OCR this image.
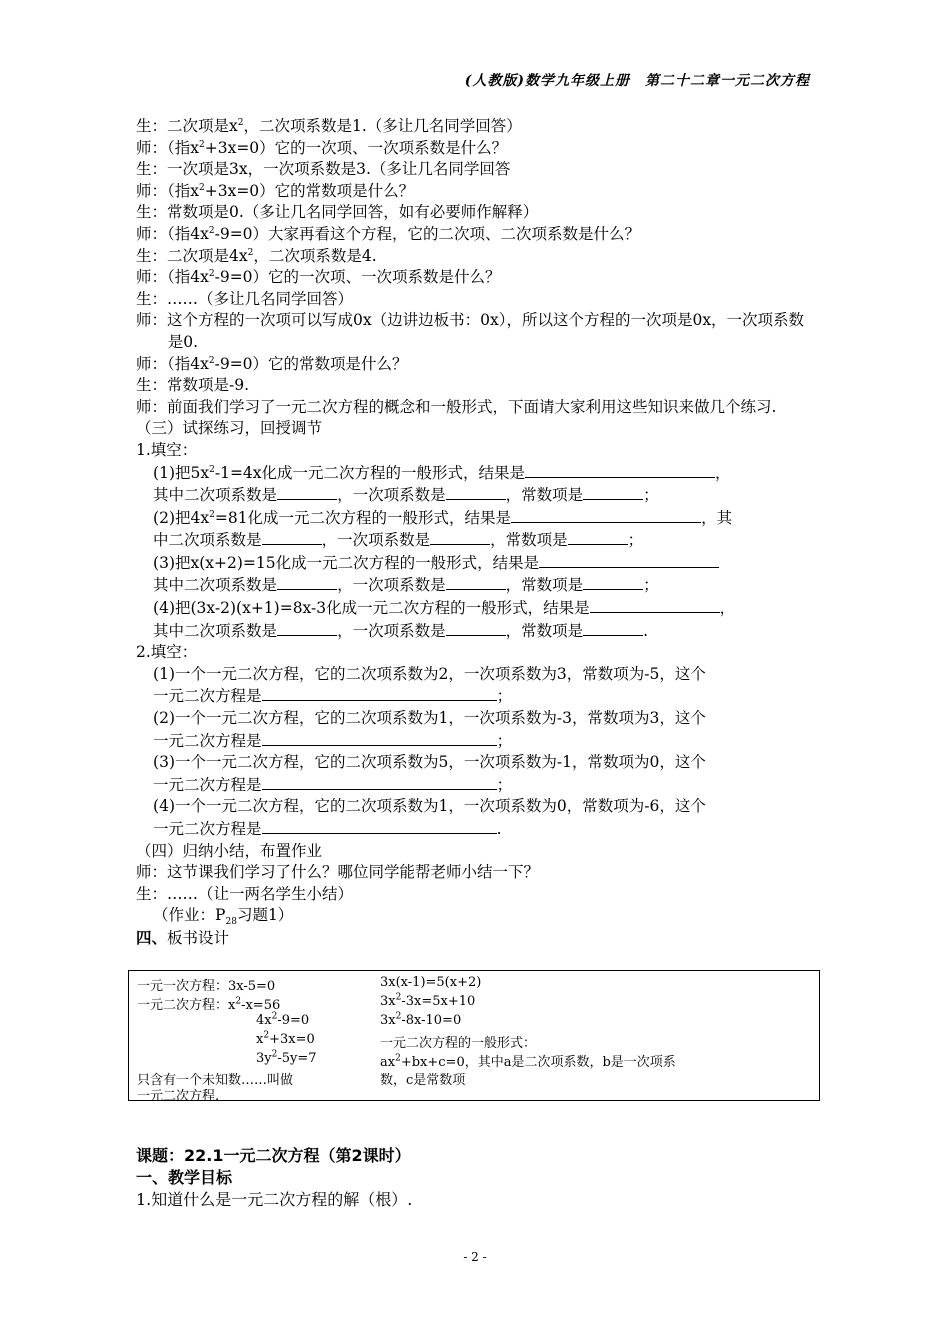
(人教版)数学九年级上册　第二十二章一元二次方程

生：二次项是$x^2$，二次项系数是1.（多让几名同学回答）

师：（指$x^2+3x=0$）它的一次项、一次项系数是什么？

生：一次项是3x，一次项系数是3.（多让几名同学回答

师：（指$x^2+3x=0$）它的常数项是什么？

生：常数项是0.（多让几名同学回答，如有必要师作解释）

师：（指$4x^2-9=0$）大家再看这个方程，它的二次项、二次项系数是什么？

生：二次项是$4x^2$，二次项系数是4.

师：（指$4x^2-9=0$）它的一次项、一次项系数是什么？

生：……（多让几名同学回答）

师：这个方程的一次项可以写成0x（边讲边板书：0x），所以这个方程的一次项是0x，一次项系数是0.

师：（指$4x^2-9=0$）它的常数项是什么？

生：常数项是-9.

师：前面我们学习了一元二次方程的概念和一般形式，下面请大家利用这些知识来做几个练习.

（三）试探练习，回授调节

1.填空：

(1)把$5x^2-1=4x$化成一元二次方程的一般形式，结果是	，

其中二次项系数是	，一次项系数是	，常数项是	；

(2)把$4x^2=81$化成一元二次方程的一般形式，结果是	，其

中二次项系数是	，一次项系数是	，常数项是	；

(3)把x(x+2)=15化成一元二次方程的一般形式，结果是

其中二次项系数是	，一次项系数是	，常数项是	；

(4)把(3x-2)(x+1)=8x-3化成一元二次方程的一般形式，结果是	，

其中二次项系数是	，一次项系数是	，常数项是	.

2.填空：

(1)一个一元二次方程，它的二次项系数为2，一次项系数为3，常数项为-5，这个

一元二次方程是	；

(2)一个一元二次方程，它的二次项系数为1，一次项系数为-3，常数项为3，这个

一元二次方程是	；

(3)一个一元二次方程，它的二次项系数为5，一次项系数为-1，常数项为0，这个

一元二次方程是	；

(4)一个一元二次方程，它的二次项系数为1，一次项系数为0，常数项为-6，这个

一元二次方程是	.

（四）归纳小结，布置作业

师：这节课我们学习了什么？哪位同学能帮老师小结一下？

生：……（让一两名学生小结）

（作业：$P_{28}$习题1）

四、板书设计

一元一次方程：3x-5=0	3x(x-1)=5(x+2)
一元二次方程：$x^2-x=56$	$3x^2-3x=5x+10$
$4x^2-9=0$	$3x^2-8x-10=0$
$x^2+3x=0$	一元二次方程的一般形式：
$3y^2-5y=7$	$ax^2+bx+c=0$，其中a是二次项系数，b是一次项系
只含有一个未知数……叫做	数，c是常数项
一元二次方程.

课题：22.1一元二次方程（第2课时）

一、教学目标

1.知道什么是一元二次方程的解（根）.

- 2 -
